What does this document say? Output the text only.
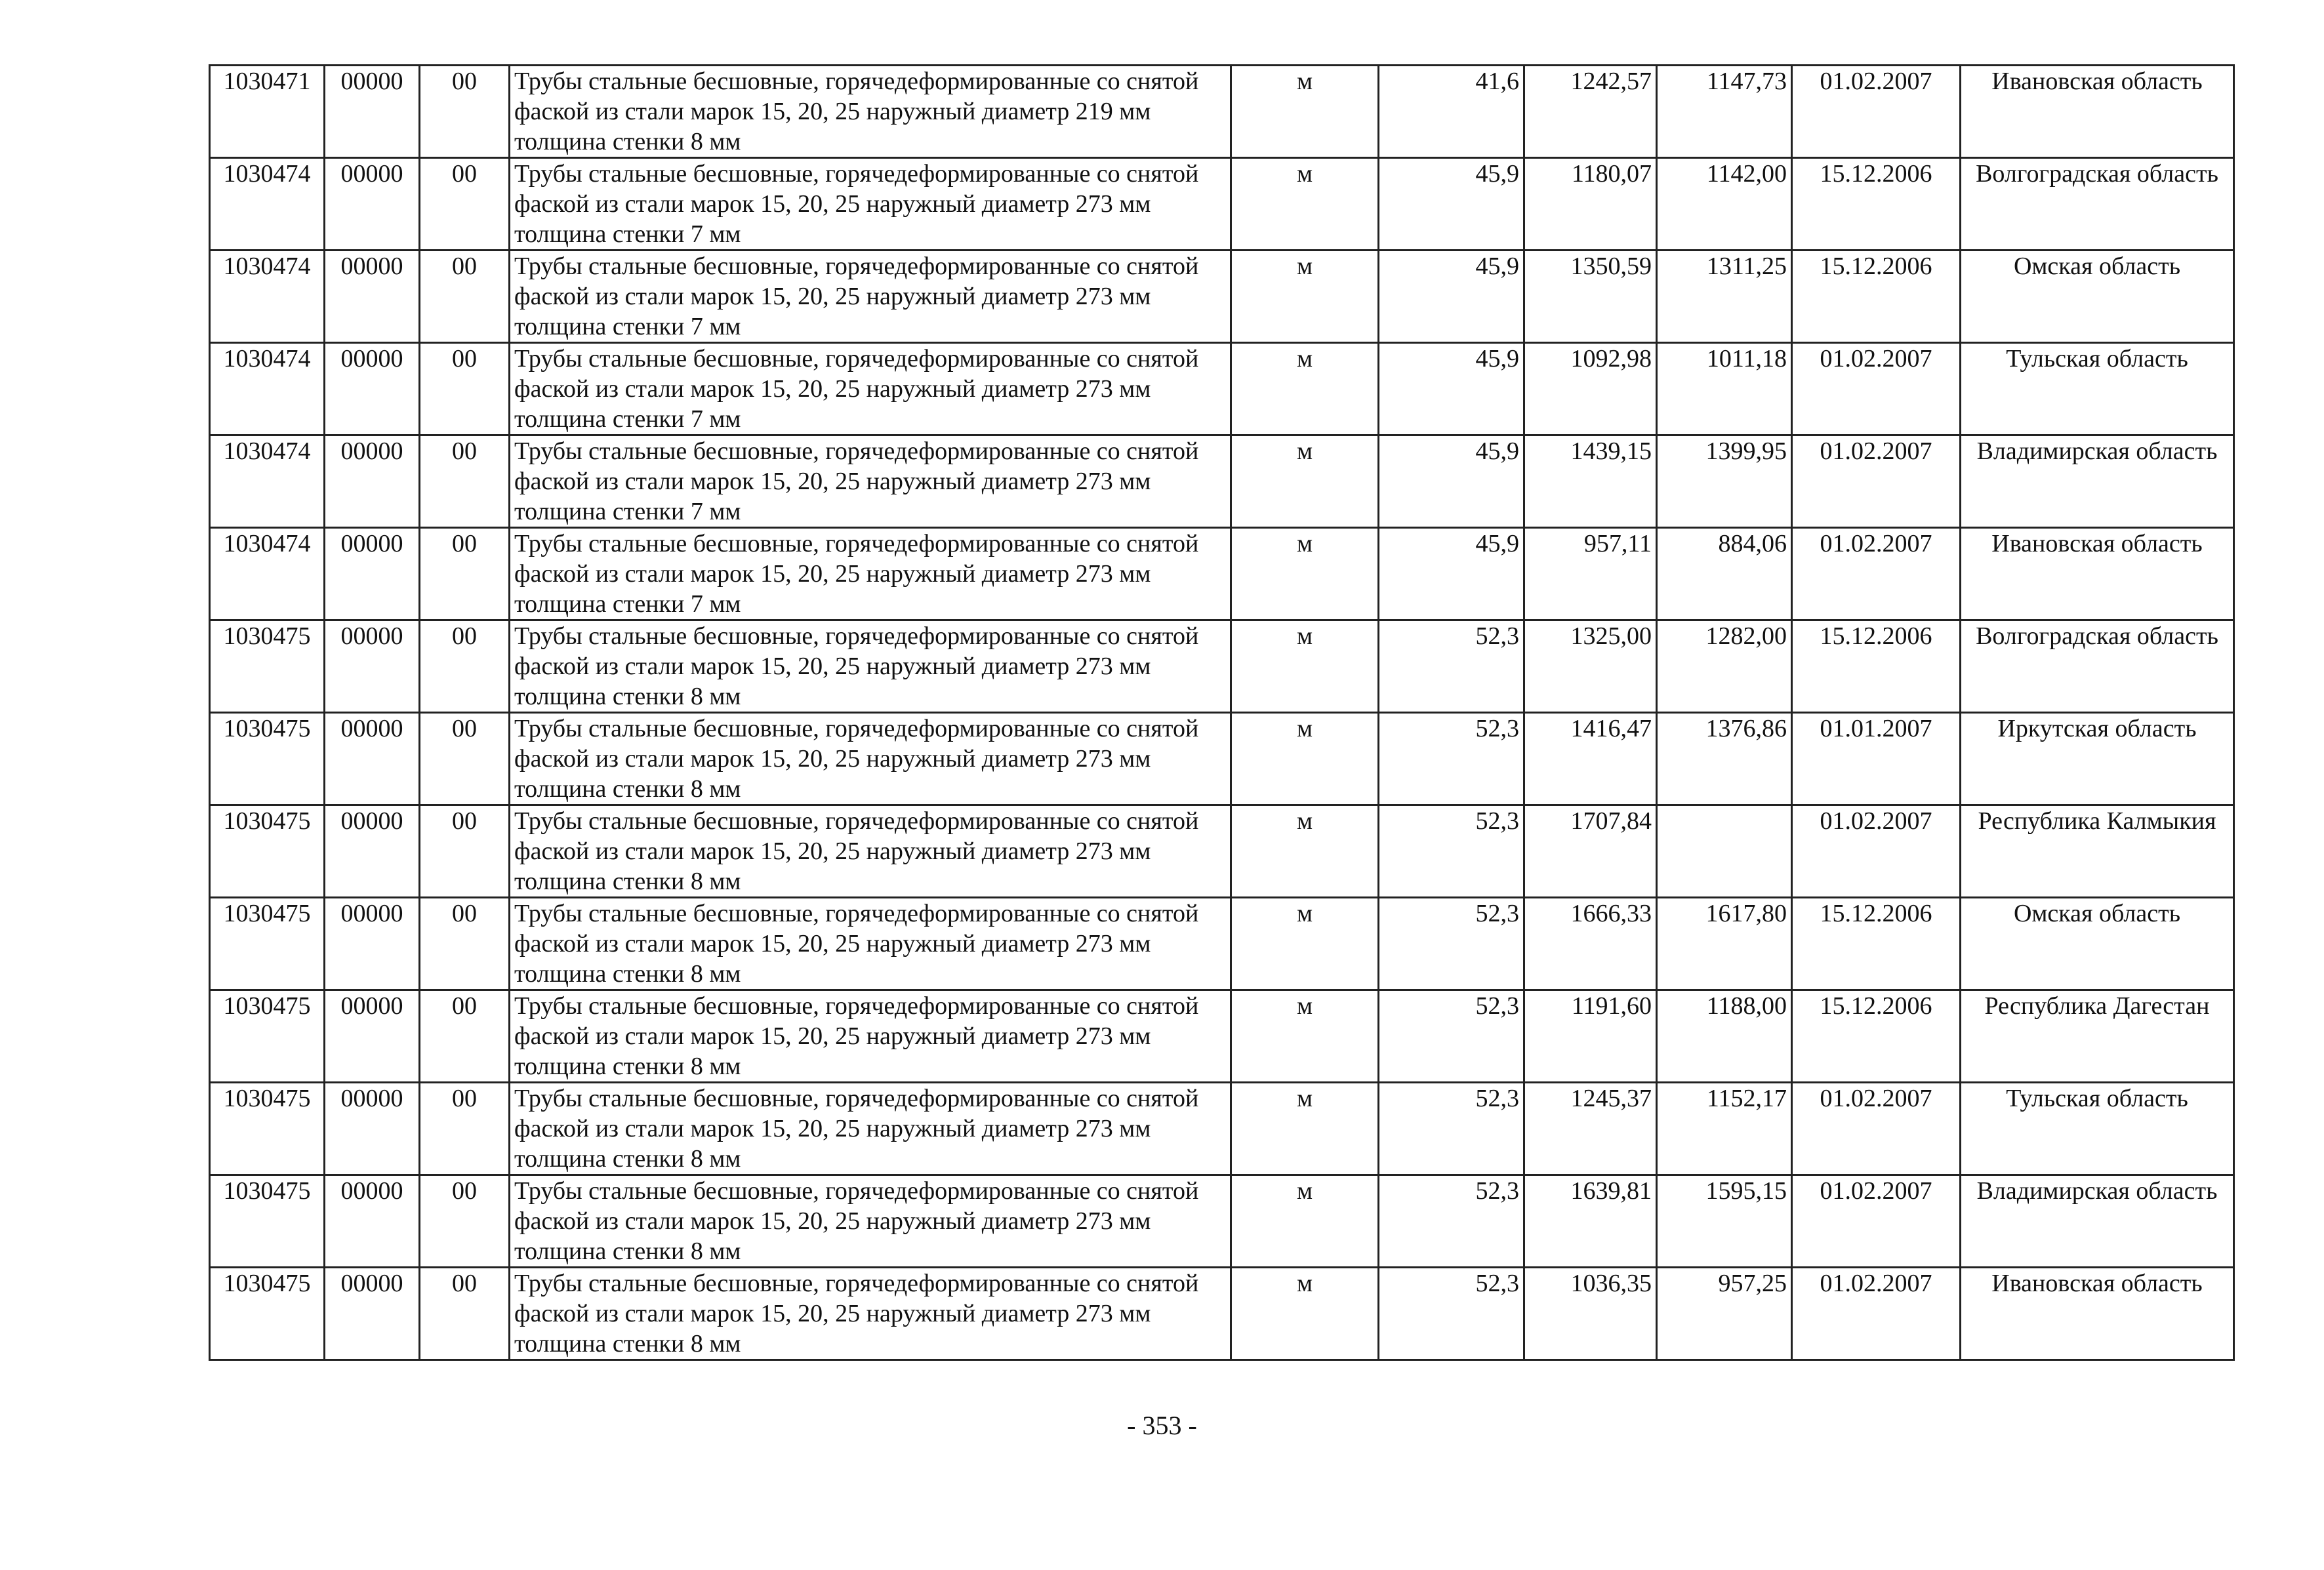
1030471	00000	00	Трубы стальные бесшовные, горячедеформированные со снятой фаской из стали марок 15, 20, 25 наружный диаметр 219 мм толщина стенки 8 мм	м	41,6	1242,57	1147,73	01.02.2007	Ивановская область
1030474	00000	00	Трубы стальные бесшовные, горячедеформированные со снятой фаской из стали марок 15, 20, 25 наружный диаметр 273 мм толщина стенки 7 мм	м	45,9	1180,07	1142,00	15.12.2006	Волгоградская область
1030474	00000	00	Трубы стальные бесшовные, горячедеформированные со снятой фаской из стали марок 15, 20, 25 наружный диаметр 273 мм толщина стенки 7 мм	м	45,9	1350,59	1311,25	15.12.2006	Омская область
1030474	00000	00	Трубы стальные бесшовные, горячедеформированные со снятой фаской из стали марок 15, 20, 25 наружный диаметр 273 мм толщина стенки 7 мм	м	45,9	1092,98	1011,18	01.02.2007	Тульская область
1030474	00000	00	Трубы стальные бесшовные, горячедеформированные со снятой фаской из стали марок 15, 20, 25 наружный диаметр 273 мм толщина стенки 7 мм	м	45,9	1439,15	1399,95	01.02.2007	Владимирская область
1030474	00000	00	Трубы стальные бесшовные, горячедеформированные со снятой фаской из стали марок 15, 20, 25 наружный диаметр 273 мм толщина стенки 7 мм	м	45,9	957,11	884,06	01.02.2007	Ивановская область
1030475	00000	00	Трубы стальные бесшовные, горячедеформированные со снятой фаской из стали марок 15, 20, 25 наружный диаметр 273 мм толщина стенки 8 мм	м	52,3	1325,00	1282,00	15.12.2006	Волгоградская область
1030475	00000	00	Трубы стальные бесшовные, горячедеформированные со снятой фаской из стали марок 15, 20, 25 наружный диаметр 273 мм толщина стенки 8 мм	м	52,3	1416,47	1376,86	01.01.2007	Иркутская область
1030475	00000	00	Трубы стальные бесшовные, горячедеформированные со снятой фаской из стали марок 15, 20, 25 наружный диаметр 273 мм толщина стенки 8 мм	м	52,3	1707,84		01.02.2007	Республика Калмыкия
1030475	00000	00	Трубы стальные бесшовные, горячедеформированные со снятой фаской из стали марок 15, 20, 25 наружный диаметр 273 мм толщина стенки 8 мм	м	52,3	1666,33	1617,80	15.12.2006	Омская область
1030475	00000	00	Трубы стальные бесшовные, горячедеформированные со снятой фаской из стали марок 15, 20, 25 наружный диаметр 273 мм толщина стенки 8 мм	м	52,3	1191,60	1188,00	15.12.2006	Республика Дагестан
1030475	00000	00	Трубы стальные бесшовные, горячедеформированные со снятой фаской из стали марок 15, 20, 25 наружный диаметр 273 мм толщина стенки 8 мм	м	52,3	1245,37	1152,17	01.02.2007	Тульская область
1030475	00000	00	Трубы стальные бесшовные, горячедеформированные со снятой фаской из стали марок 15, 20, 25 наружный диаметр 273 мм толщина стенки 8 мм	м	52,3	1639,81	1595,15	01.02.2007	Владимирская область
1030475	00000	00	Трубы стальные бесшовные, горячедеформированные со снятой фаской из стали марок 15, 20, 25 наружный диаметр 273 мм толщина стенки 8 мм	м	52,3	1036,35	957,25	01.02.2007	Ивановская область
- 353 -
